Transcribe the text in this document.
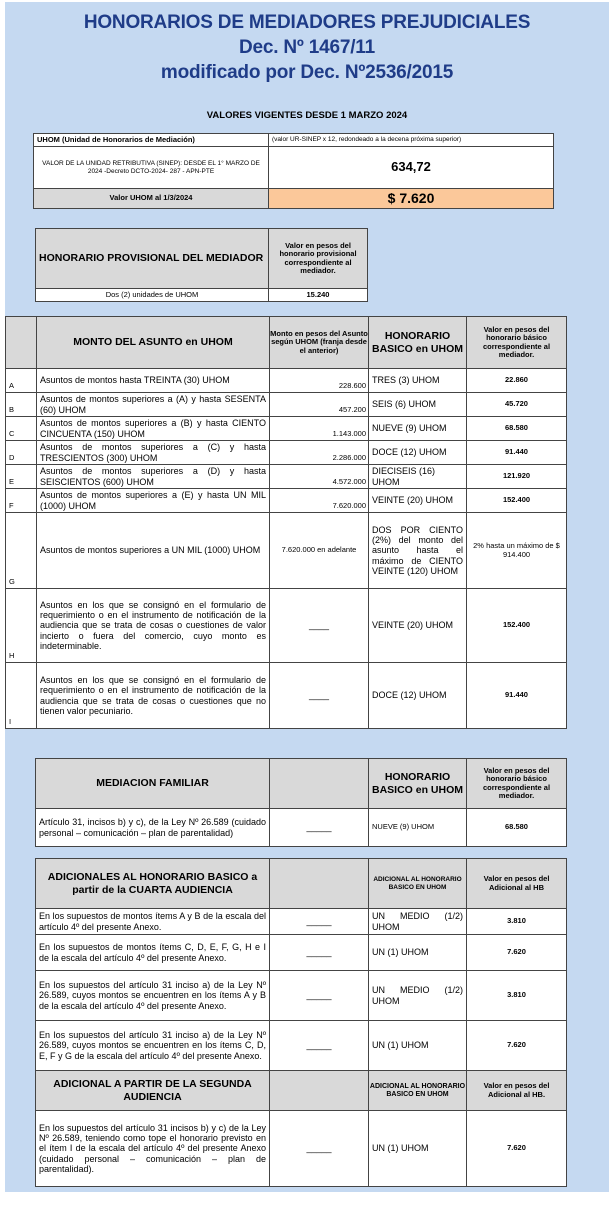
HONORARIOS DE MEDIADORES PREJUDICIALES
Dec. Nº 1467/11
modificado por Dec. Nº2536/2015
VALORES VIGENTES DESDE 1 MARZO 2024
UHOM (Unidad de Honorarios de Mediación)	(valor UR-SINEP x 12, redondeado a la decena próxima superior)
VALOR DE LA UNIDAD RETRIBUTIVA (SINEP): DESDE EL 1° MARZO DE 2024 -Decreto DCTO-2024- 287 - APN-PTE	634,72
Valor UHOM al 1/3/2024	$ 7.620
HONORARIO PROVISIONAL DEL MEDIADOR	Valor en pesos del honorario provisional correspondiente al mediador.
Dos (2) unidades de UHOM	15.240
	MONTO DEL ASUNTO en UHOM	Monto en pesos del Asunto según UHOM (franja desde el anterior)	HONORARIO BASICO en UHOM	Valor en pesos del honorario básico correspondiente al mediador.
A	Asuntos de montos hasta TREINTA (30) UHOM	228.600	TRES (3) UHOM	22.860
B	Asuntos de montos superiores a (A) y hasta SESENTA (60) UHOM	457.200	SEIS (6) UHOM	45.720
C	Asuntos de montos superiores a (B) y hasta CIENTO CINCUENTA (150) UHOM	1.143.000	NUEVE (9) UHOM	68.580
D	Asuntos de montos superiores a (C) y hasta TRESCIENTOS (300) UHOM	2.286.000	DOCE (12) UHOM	91.440
E	Asuntos de montos superiores a (D) y hasta SEISCIENTOS (600) UHOM	4.572.000	DIECISEIS (16) UHOM	121.920
F	Asuntos de montos superiores a (E) y hasta UN MIL (1000) UHOM	7.620.000	VEINTE (20) UHOM	152.400
G	Asuntos de montos superiores a UN MIL (1000) UHOM	7.620.000 en adelante	DOS POR CIENTO (2%) del monto del asunto hasta el máximo de CIENTO VEINTE (120) UHOM	2% hasta un máximo de $ 914.400
H	Asuntos en los que se consignó en el formulario de requerimiento o en el instrumento de notificación de la audiencia que se trata de cosas o cuestiones de valor incierto o fuera del comercio, cuyo monto es indeterminable.	____	VEINTE (20) UHOM	152.400
I	Asuntos en los que se consignó en el formulario de requerimiento o en el instrumento de notificación de la audiencia que se trata de cosas o cuestiones que no tienen valor pecuniario.	____	DOCE (12) UHOM	91.440
MEDIACION FAMILIAR		HONORARIO BASICO en UHOM	Valor en pesos del honorario básico correspondiente al mediador.
Artículo 31, incisos b) y c), de la Ley Nº 26.589 (cuidado personal – comunicación – plan de parentalidad)	_____	NUEVE (9) UHOM	68.580
ADICIONALES AL HONORARIO BASICO a partir de la CUARTA AUDIENCIA		ADICIONAL AL HONORARIO BASICO EN UHOM	Valor en pesos del Adicional al HB
En los supuestos de montos ítems A y B de la escala del artículo 4º del presente Anexo.	_____	UN MEDIO (1/2) UHOM	3.810
En los supuestos de montos ítems C, D, E, F, G, H e I de la escala del artículo 4º del presente Anexo.	_____	UN (1) UHOM	7.620
En los supuestos del artículo 31 inciso a) de la Ley Nº 26.589, cuyos montos se encuentren en los ítems A y B de la escala del artículo 4º del presente Anexo.	_____	UN MEDIO (1/2) UHOM	3.810
En los supuestos del artículo 31 inciso a) de la Ley Nº 26.589, cuyos montos se encuentren en los ítems C, D, E, F y G de la escala del artículo 4º del presente Anexo.	_____	UN (1) UHOM	7.620
ADICIONAL A PARTIR DE LA SEGUNDA AUDIENCIA		ADICIONAL AL HONORARIO BASICO EN UHOM	Valor en pesos del Adicional al HB.
En los supuestos del artículo 31 incisos b) y c) de la Ley Nº 26.589, teniendo como tope el honorario previsto en el ítem I de la escala del artículo 4º del presente Anexo (cuidado personal – comunicación – plan de parentalidad).	_____	UN (1) UHOM	7.620
